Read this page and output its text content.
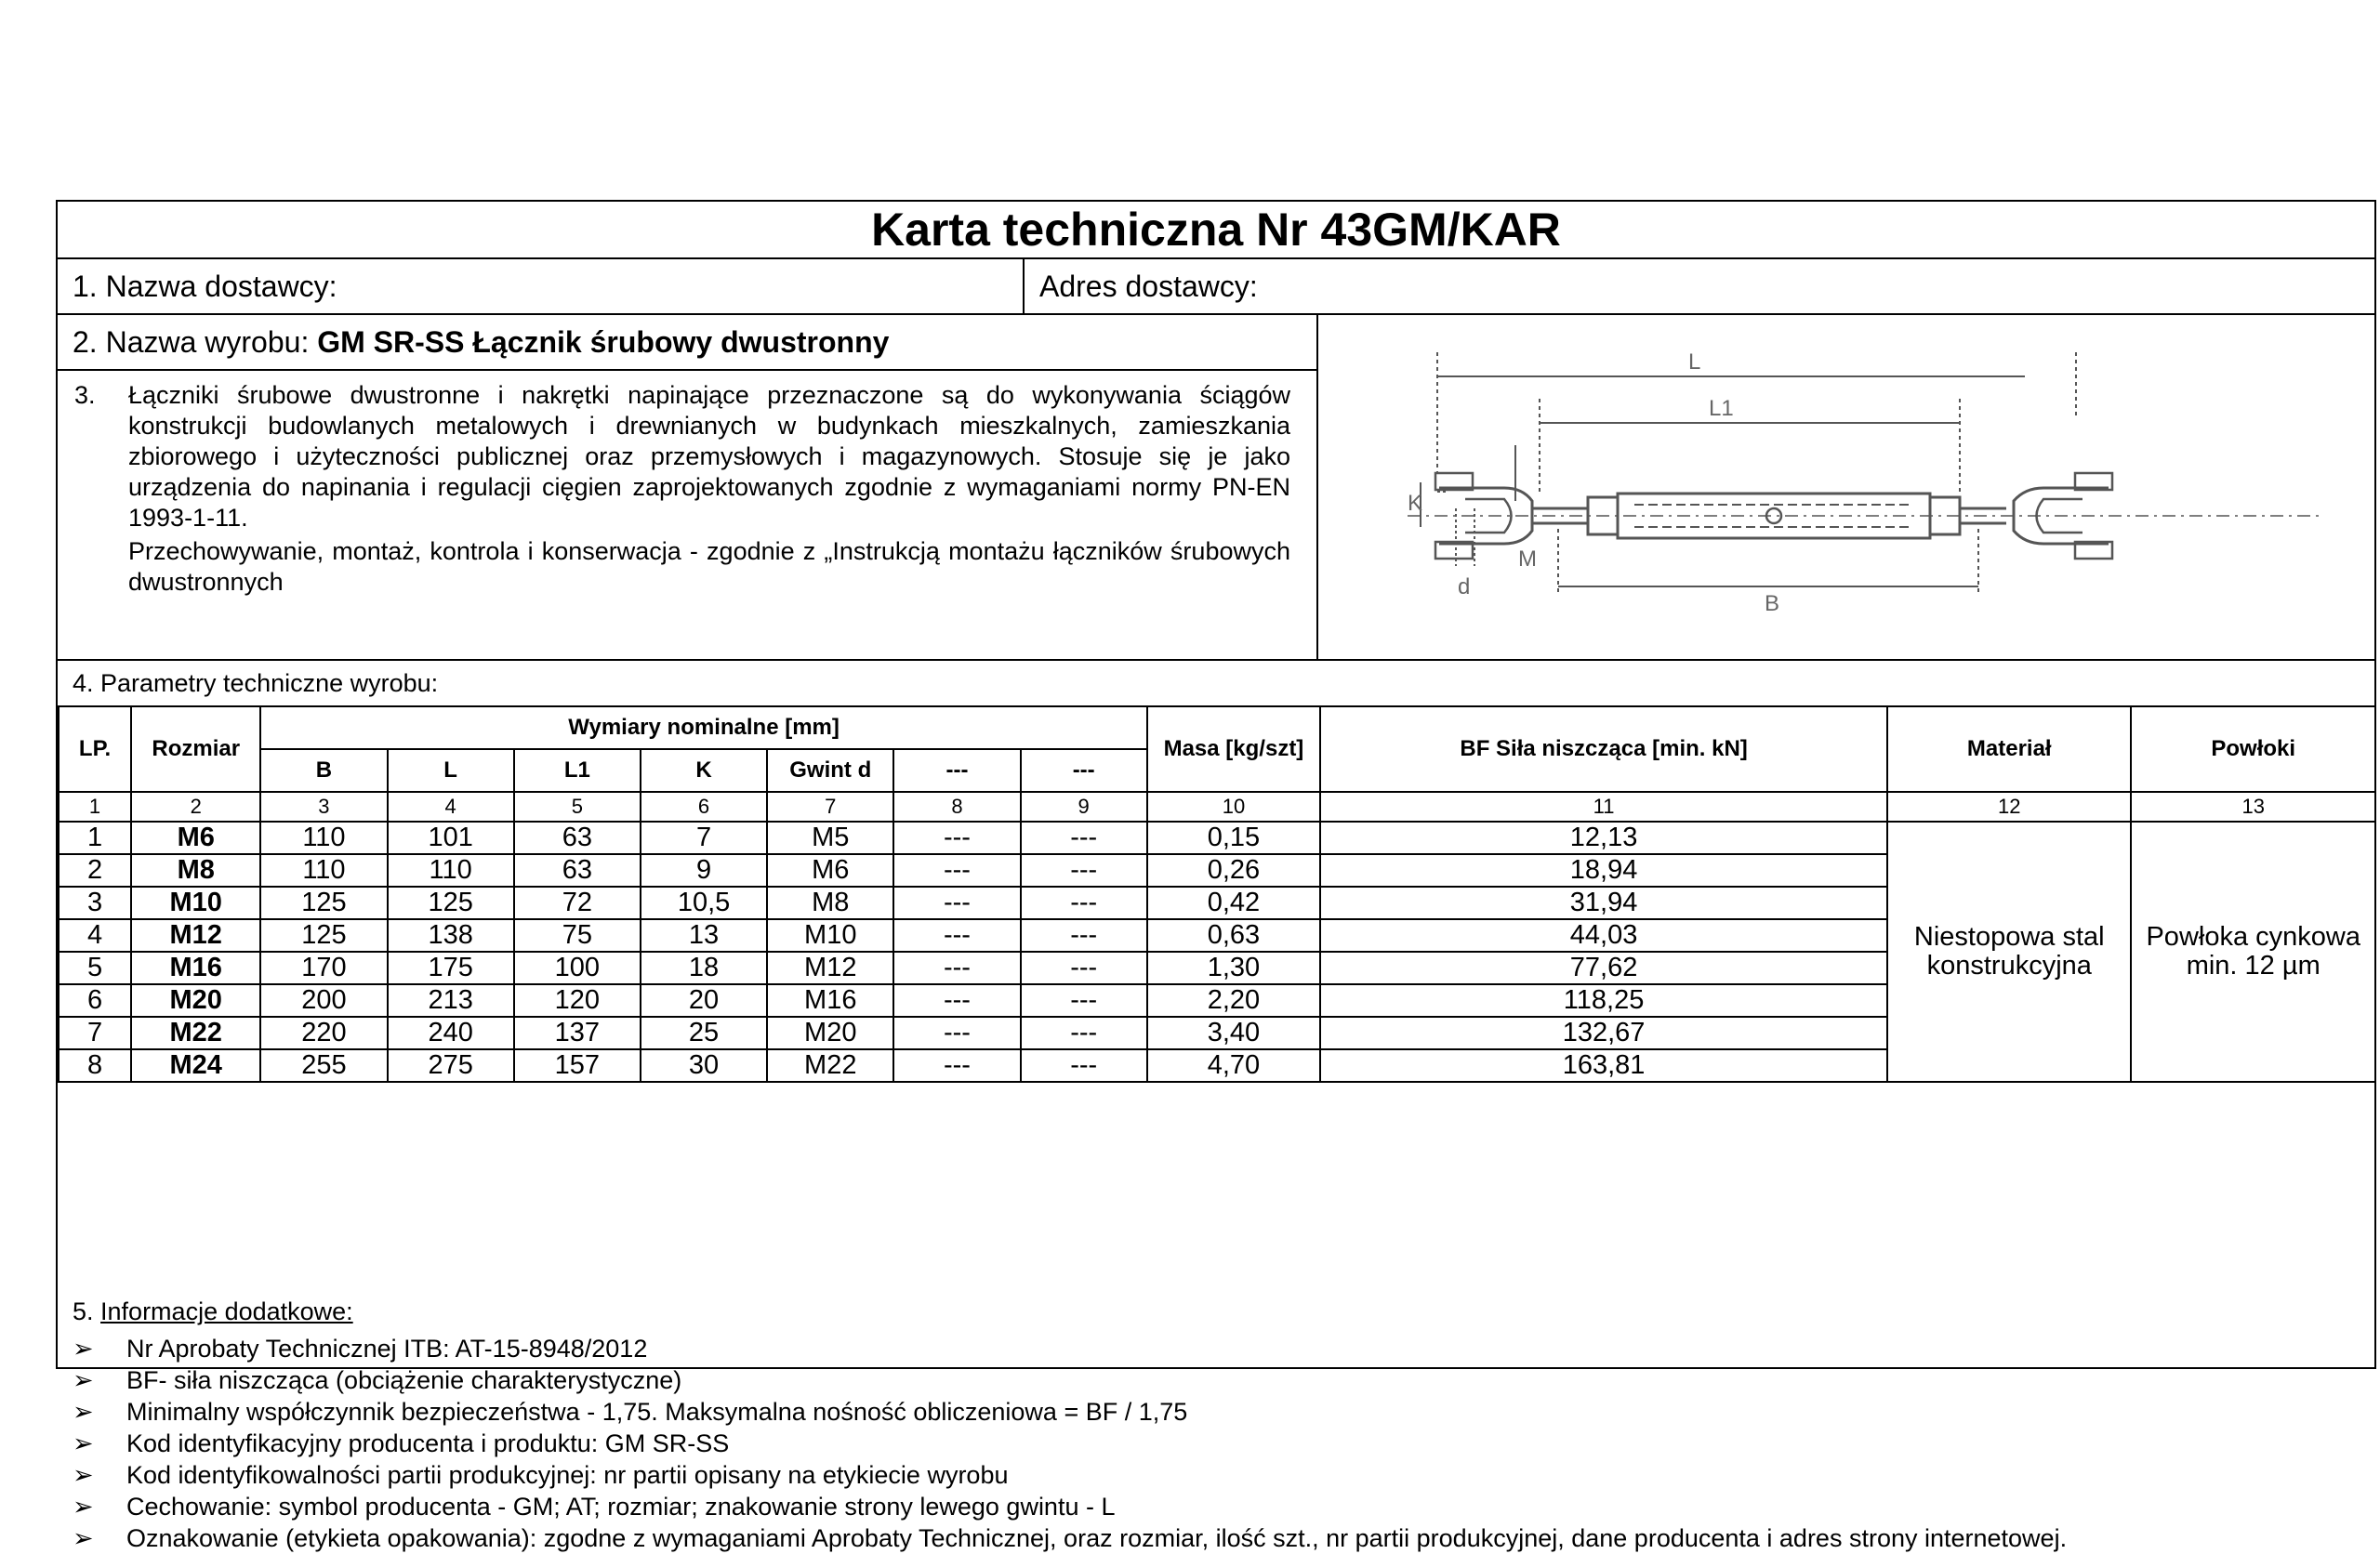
Karta techniczna Nr 43GM/KAR
1. Nazwa dostawcy:	Adres dostawcy:
2. Nazwa wyrobu: GM SR-SS Łącznik śrubowy dwustronny
3. Łączniki śrubowe dwustronne i nakrętki napinające przeznaczone są do wykonywania ściągów konstrukcji budowlanych metalowych i drewnianych w budynkach mieszkalnych, zamieszkania zbiorowego i użyteczności publicznej oraz przemysłowych i magazynowych. Stosuje się je jako urządzenia do napinania i regulacji cięgien zaprojektowanych zgodnie z wymaganiami normy PN-EN 1993-1-11.
Przechowywanie, montaż, kontrola i konserwacja - zgodnie z „Instrukcją montażu łączników śrubowych dwustronnych
L
L1
K
M
d
B
4. Parametry techniczne wyrobu:
LP.	Rozmiar	Wymiary nominalne [mm]							Masa [kg/szt]	BF Siła niszcząca [min. kN]	Materiał	Powłoki
		B	L	L1	K	Gwint d	---	---				
1	2	3	4	5	6	7	8	9	10	11	12	13
1	M6	110	101	63	7	M5	---	---	0,15	12,13	Niestopowa stal konstrukcyjna	Powłoka cynkowa min. 12 µm
2	M8	110	110	63	9	M6	---	---	0,26	18,94		
3	M10	125	125	72	10,5	M8	---	---	0,42	31,94		
4	M12	125	138	75	13	M10	---	---	0,63	44,03		
5	M16	170	175	100	18	M12	---	---	1,30	77,62		
6	M20	200	213	120	20	M16	---	---	2,20	118,25		
7	M22	220	240	137	25	M20	---	---	3,40	132,67		
8	M24	255	275	157	30	M22	---	---	4,70	163,81		
5. Informacje dodatkowe:
➢ Nr Aprobaty Technicznej ITB: AT-15-8948/2012
➢ BF- siła niszcząca (obciążenie charakterystyczne)
➢ Minimalny współczynnik bezpieczeństwa - 1,75. Maksymalna nośność obliczeniowa = BF / 1,75
➢ Kod identyfikacyjny producenta i produktu: GM SR-SS
➢ Kod identyfikowalności partii produkcyjnej: nr partii opisany na etykiecie wyrobu
➢ Cechowanie: symbol producenta - GM; AT; rozmiar; znakowanie strony lewego gwintu - L
➢ Oznakowanie (etykieta opakowania): zgodne z wymaganiami Aprobaty Technicznej, oraz rozmiar, ilość szt., nr partii produkcyjnej, dane producenta i adres strony internetowej.
